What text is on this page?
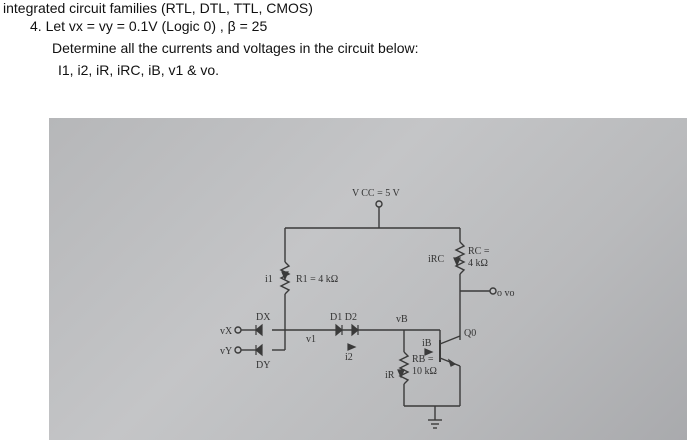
integrated circuit families (RTL, DTL, TTL, CMOS)
4. Let vx = vy = 0.1V (Logic 0) , β = 25
Determine all the currents and voltages in the circuit below:
I1, i2, iR, iRC, iB, v1 & vo.
V CC = 5 V
i1 R1 = 4 kΩ
iRC
RC =
4 kΩ
o vo
DX
DY
vX
vY
v1
D1 D2	vB
i2
iR
iB
Q0
RB =
10 kΩ
